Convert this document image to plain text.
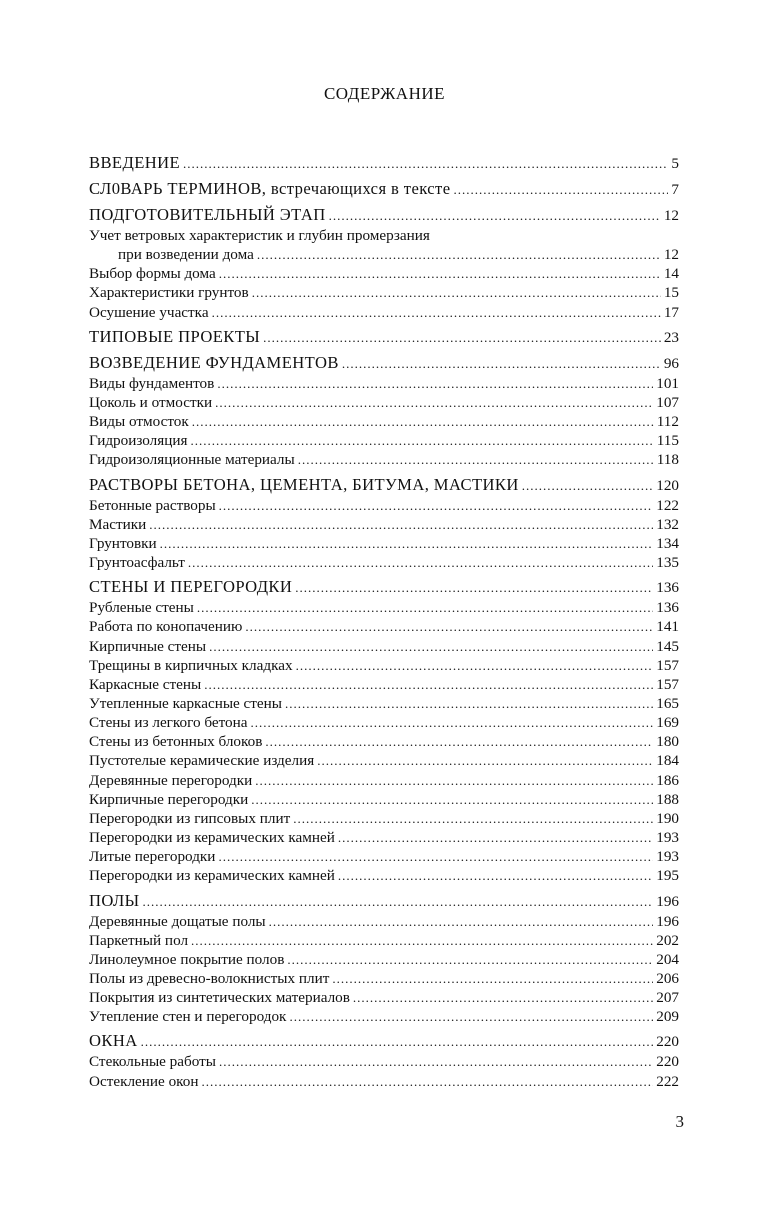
СОДЕРЖАНИЕ
ВВЕДЕНИЕ .....	5
СЛ0ВАРЬ ТЕРМИНОВ, встречающихся в тексте .....	7
ПОДГОТОВИТЕЛЬНЫЙ ЭТАП .....	12
Учет ветровых характеристик и глубин промерзания
при возведении дома .....	12
Выбор формы дома .....	14
Характеристики грунтов .....	15
Осушение участка .....	17
ТИПОВЫЕ ПРОЕКТЫ .....	23
ВОЗВЕДЕНИЕ ФУНДАМЕНТОВ .....	96
Виды фундаментов .....	101
Цоколь и отмостки .....	107
Виды отмосток .....	112
Гидроизоляция .....	115
Гидроизоляционные материалы .....	118
РАСТВОРЫ БЕТОНА, ЦЕМЕНТА, БИТУМА, МАСТИКИ .....	120
Бетонные растворы .....	122
Мастики .....	132
Грунтовки .....	134
Грунтоасфальт .....	135
СТЕНЫ И ПЕРЕГОРОДКИ .....	136
Рубленые стены .....	136
Работа по конопачению .....	141
Кирпичные стены .....	145
Трещины в кирпичных кладках .....	157
Каркасные стены .....	157
Утепленные каркасные стены .....	165
Стены из легкого бетона .....	169
Стены из бетонных блоков .....	180
Пустотелые керамические изделия .....	184
Деревянные перегородки .....	186
Кирпичные перегородки .....	188
Перегородки из гипсовых плит .....	190
Перегородки из керамических камней .....	193
Литые перегородки .....	193
Перегородки из керамических камней .....	195
ПОЛЫ .....	196
Деревянные дощатые полы .....	196
Паркетный пол .....	202
Линолеумное покрытие полов .....	204
Полы из древесно-волокнистых плит .....	206
Покрытия из синтетических материалов .....	207
Утепление стен и перегородок .....	209
ОКНА .....	220
Стекольные работы .....	220
Остекление окон .....	222
3
